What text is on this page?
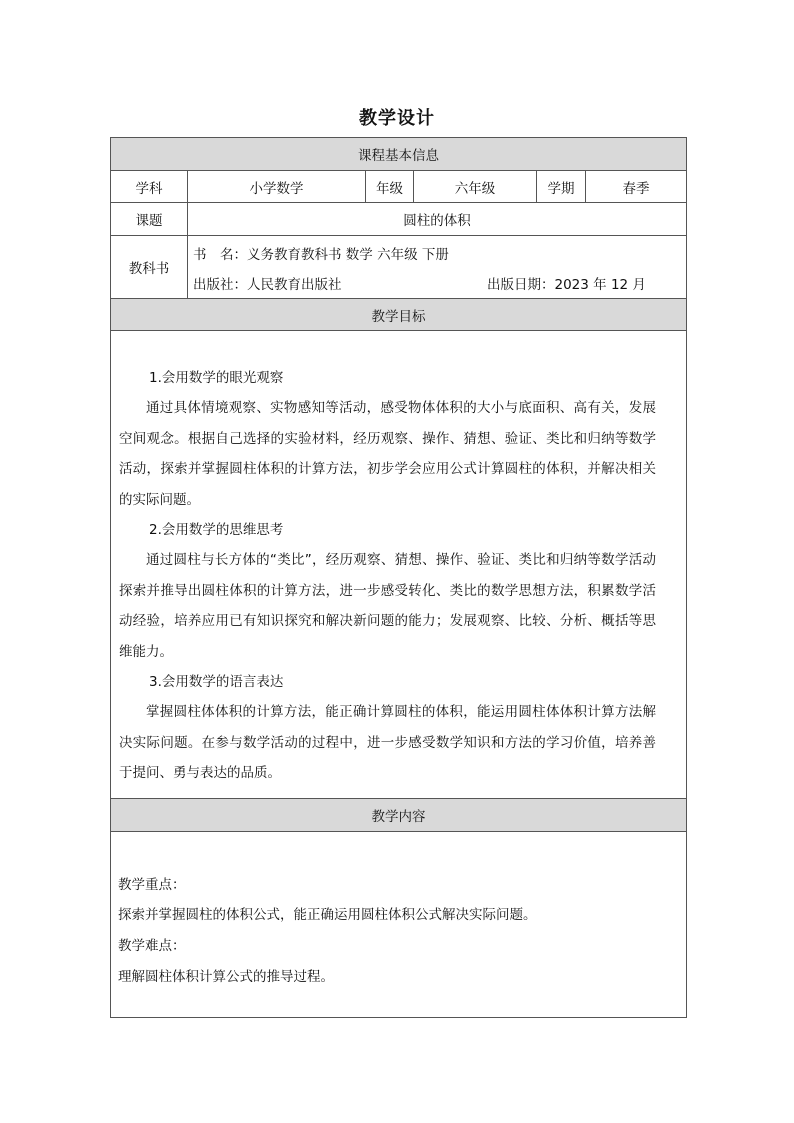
教学设计
课程基本信息
学科	小学数学	年级	六年级	学期	春季
课题	圆柱的体积
教科书
书　名：义务教育教科书 数学 六年级 下册
出版社：人民教育出版社	出版日期：2023 年 12 月
教学目标
1.会用数学的眼光观察

通过具体情境观察、实物感知等活动，感受物体体积的大小与底面积、高有关，发展空间观念。根据自己选择的实验材料，经历观察、操作、猜想、验证、类比和归纳等数学活动，探索并掌握圆柱体积的计算方法，初步学会应用公式计算圆柱的体积，并解决相关的实际问题。

2.会用数学的思维思考

通过圆柱与长方体的“类比”，经历观察、猜想、操作、验证、类比和归纳等数学活动探索并推导出圆柱体积的计算方法，进一步感受转化、类比的数学思想方法，积累数学活动经验，培养应用已有知识探究和解决新问题的能力；发展观察、比较、分析、概括等思维能力。

3.会用数学的语言表达

掌握圆柱体体积的计算方法，能正确计算圆柱的体积，能运用圆柱体体积计算方法解决实际问题。在参与数学活动的过程中，进一步感受数学知识和方法的学习价值，培养善于提问、勇与表达的品质。

教学内容
教学重点：
探索并掌握圆柱的体积公式，能正确运用圆柱体积公式解决实际问题。
教学难点：
理解圆柱体积计算公式的推导过程。
